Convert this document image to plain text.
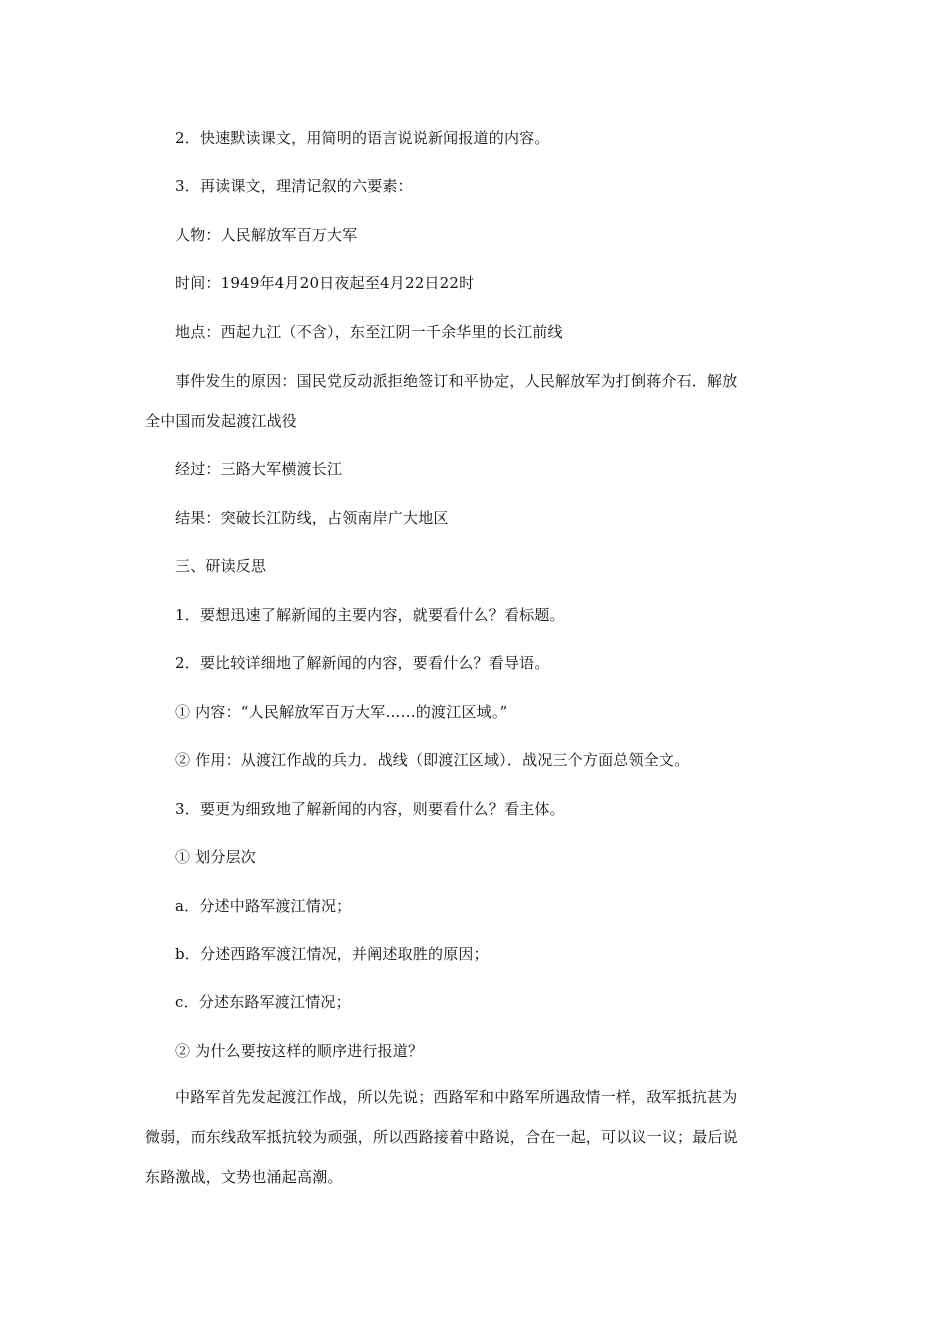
2．快速默读课文，用简明的语言说说新闻报道的内容。
3．再读课文，理清记叙的六要素：
人物：人民解放军百万大军
时间：1949年4月20日夜起至4月22日22时
地点：西起九江（不含），东至江阴一千余华里的长江前线
事件发生的原因：国民党反动派拒绝签订和平协定，人民解放军为打倒蒋介石．解放
全中国而发起渡江战役
经过：三路大军横渡长江
结果：突破长江防线，占领南岸广大地区
三、研读反思
1．要想迅速了解新闻的主要内容，就要看什么？看标题。
2．要比较详细地了解新闻的内容，要看什么？看导语。
① 内容：“人民解放军百万大军……的渡江区域。”
② 作用：从渡江作战的兵力．战线（即渡江区域）．战况三个方面总领全文。
3．要更为细致地了解新闻的内容，则要看什么？看主体。
① 划分层次
a．分述中路军渡江情况；
b．分述西路军渡江情况，并阐述取胜的原因；
c．分述东路军渡江情况；
② 为什么要按这样的顺序进行报道？
中路军首先发起渡江作战，所以先说；西路军和中路军所遇敌情一样，敌军抵抗甚为
微弱，而东线敌军抵抗较为顽强，所以西路接着中路说，合在一起，可以议一议；最后说
东路激战，文势也涌起高潮。
